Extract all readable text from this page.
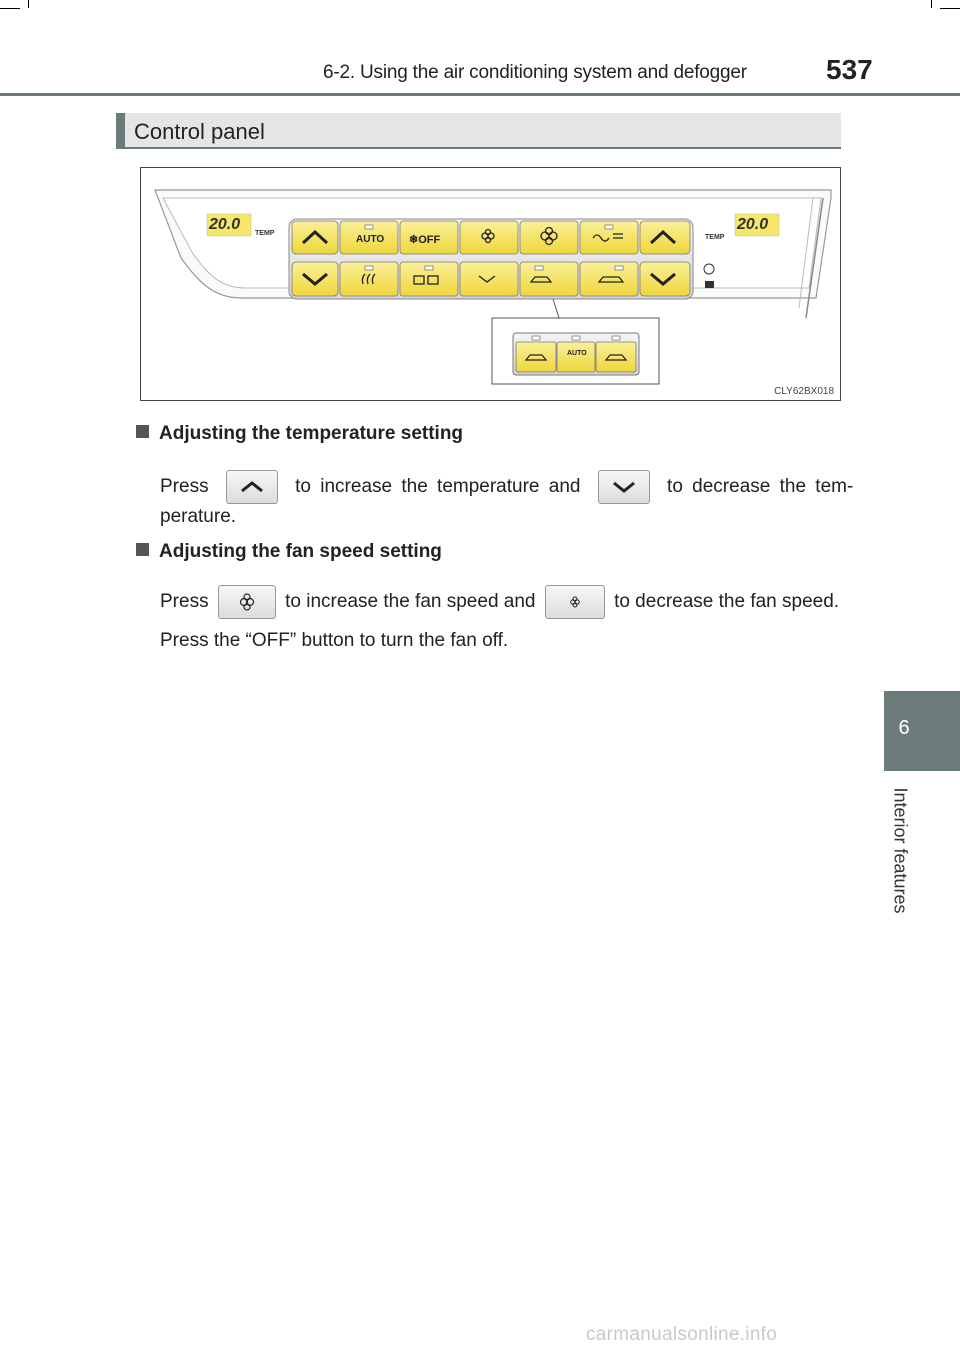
6-2. Using the air conditioning system and defogger	537
6
Interior features
Control panel
20.0	20.0
TEMP
TEMP
AUTO ❄OFF
AUTO
CLY62BX018
Adjusting the temperature setting
Press	to increase the temperature and	to decrease the tem-
perature.
Adjusting the fan speed setting
Press	to increase the fan speed and	to decrease the fan speed.
Press the “OFF” button to turn the fan off.
carmanualsonline.info
